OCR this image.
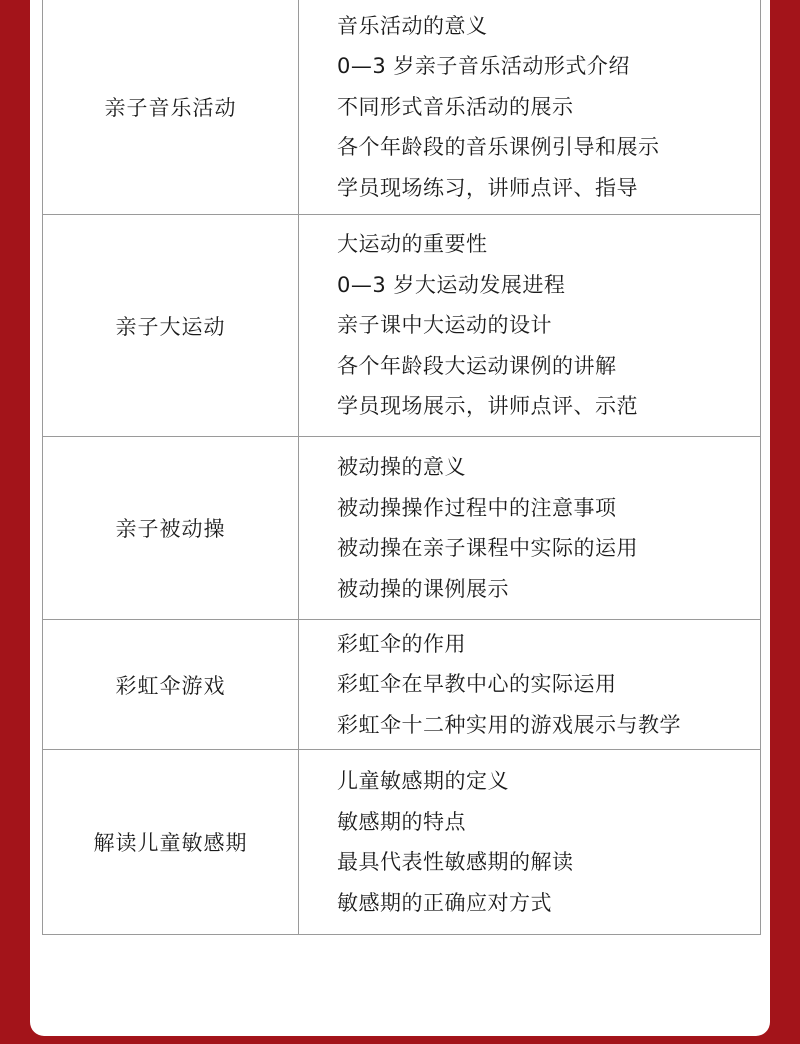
亲子音乐活动	音乐活动的意义
0—3 岁亲子音乐活动形式介绍
不同形式音乐活动的展示
各个年龄段的音乐课例引导和展示
学员现场练习，讲师点评、指导

亲子大运动	大运动的重要性
0—3 岁大运动发展进程
亲子课中大运动的设计
各个年龄段大运动课例的讲解
学员现场展示，讲师点评、示范

亲子被动操	被动操的意义
被动操操作过程中的注意事项
被动操在亲子课程中实际的运用
被动操的课例展示

彩虹伞游戏	彩虹伞的作用
彩虹伞在早教中心的实际运用
彩虹伞十二种实用的游戏展示与教学

解读儿童敏感期	儿童敏感期的定义
敏感期的特点
最具代表性敏感期的解读
敏感期的正确应对方式
